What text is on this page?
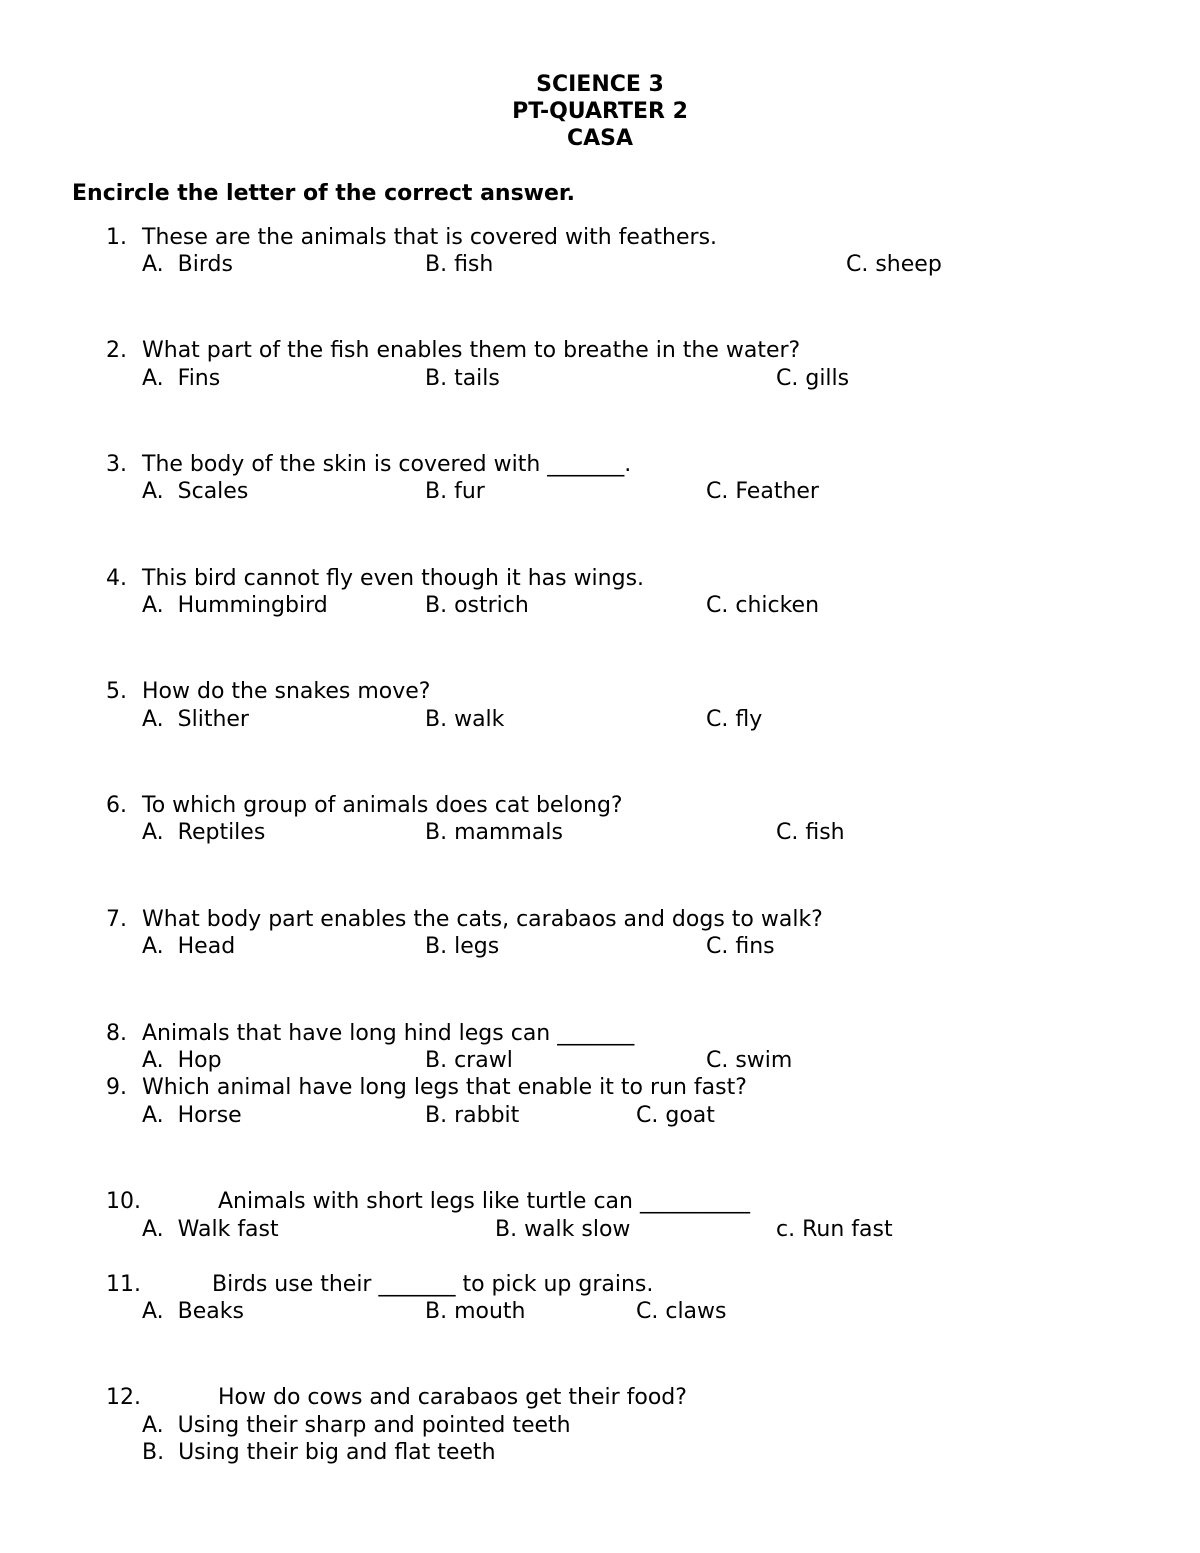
SCIENCE 3
PT-QUARTER 2
CASA
Encircle the letter of the correct answer.
1. These are the animals that is covered with feathers.
A.  Birds	B. fish	C. sheep
2. What part of the fish enables them to breathe in the water?
A.  Fins	B. tails	C. gills
3. The body of the skin is covered with _______.
A.  Scales	B. fur	C. Feather
4. This bird cannot fly even though it has wings.
A.  Hummingbird	B. ostrich	C. chicken
5. How do the snakes move?
A.  Slither	B. walk	C. fly
6. To which group of animals does cat belong?
A.  Reptiles	B. mammals	C. fish
7. What body part enables the cats, carabaos and dogs to walk?
A.  Head	B. legs	C. fins
8. Animals that have long hind legs can _______
A.  Hop	B. crawl	C. swim
9. Which animal have long legs that enable it to run fast?
A.  Horse	B. rabbit	C. goat
10.	Animals with short legs like turtle can __________
A.  Walk fast	B. walk slow	c. Run fast
11.	Birds use their _______ to pick up grains.
A.  Beaks	B. mouth	C. claws
12.	How do cows and carabaos get their food?
A.  Using their sharp and pointed teeth
B.  Using their big and flat teeth
